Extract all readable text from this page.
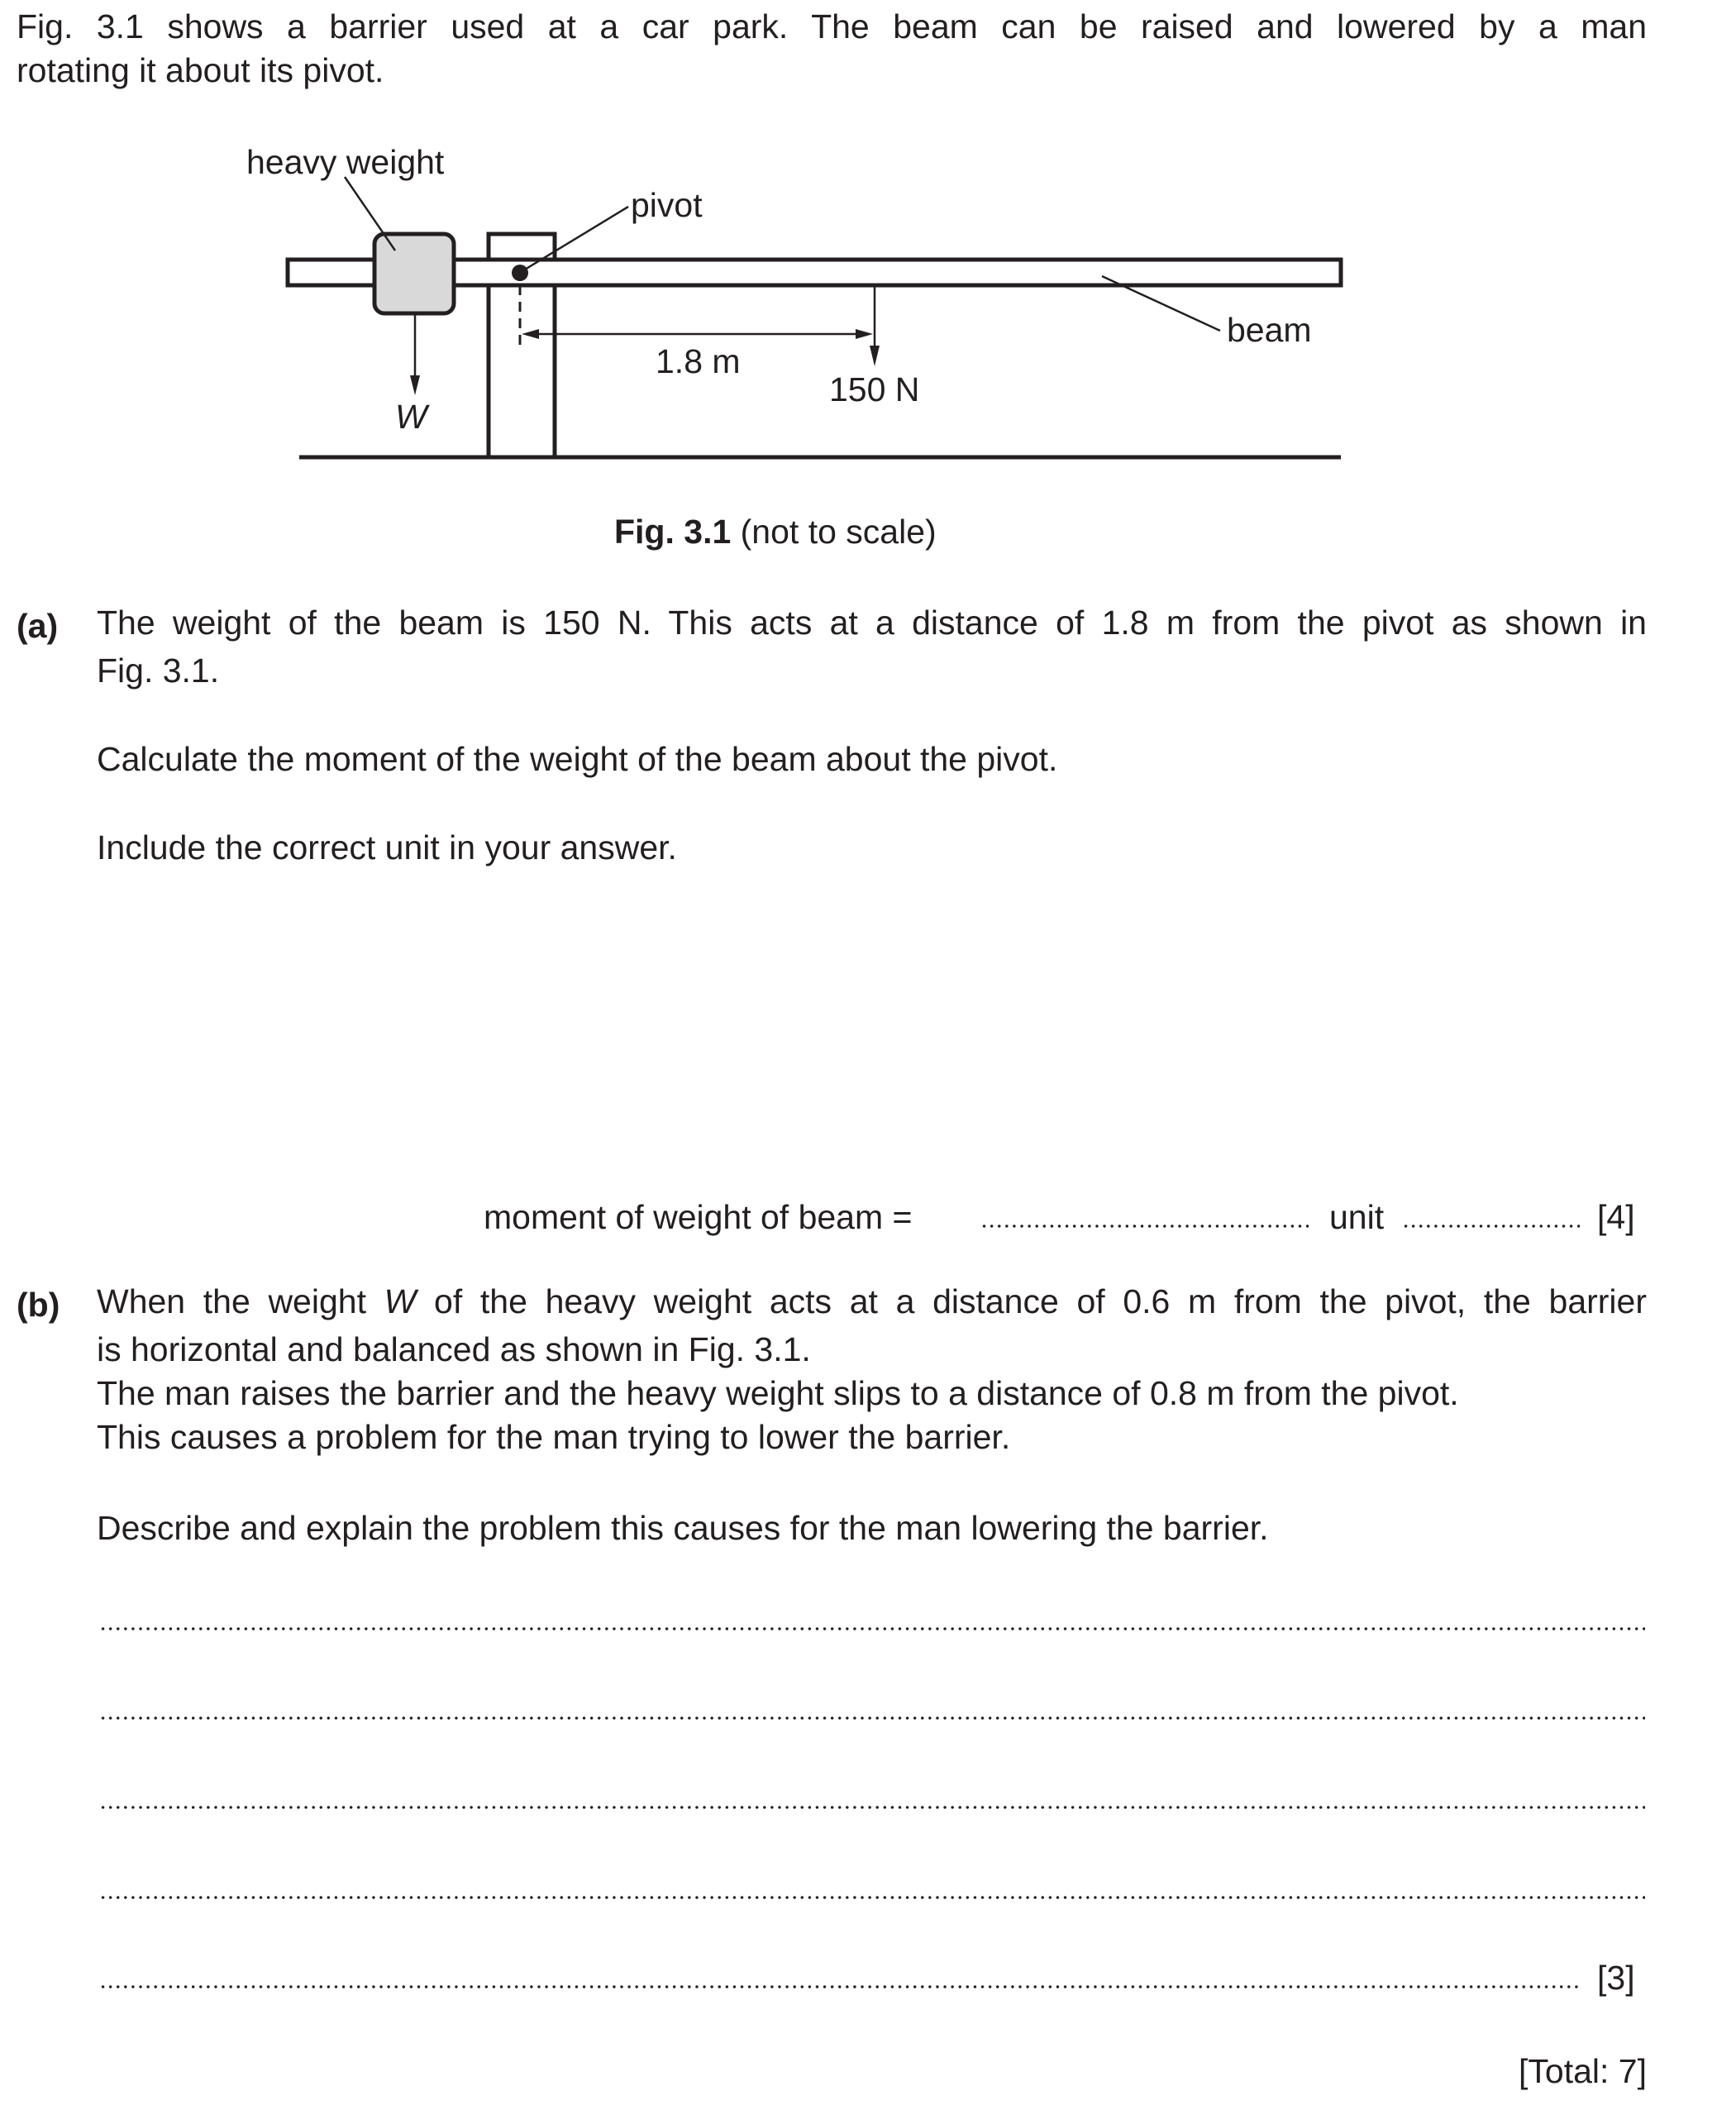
Fig. 3.1 shows a barrier used at a car park. The beam can be raised and lowered by a man
rotating it about its pivot.
heavy weight
pivot
beam
1.8 m
150 N
W
Fig. 3.1 (not to scale)
(a) The weight of the beam is 150 N. This acts at a distance of 1.8 m from the pivot as shown in
Fig. 3.1.
Calculate the moment of the weight of the beam about the pivot.
Include the correct unit in your answer.
moment of weight of beam =	unit	[4]
(b) When the weight W of the heavy weight acts at a distance of 0.6 m from the pivot, the barrier
is horizontal and balanced as shown in Fig. 3.1.
The man raises the barrier and the heavy weight slips to a distance of 0.8 m from the pivot.
This causes a problem for the man trying to lower the barrier.
Describe and explain the problem this causes for the man lowering the barrier.
[3]
[Total: 7]
